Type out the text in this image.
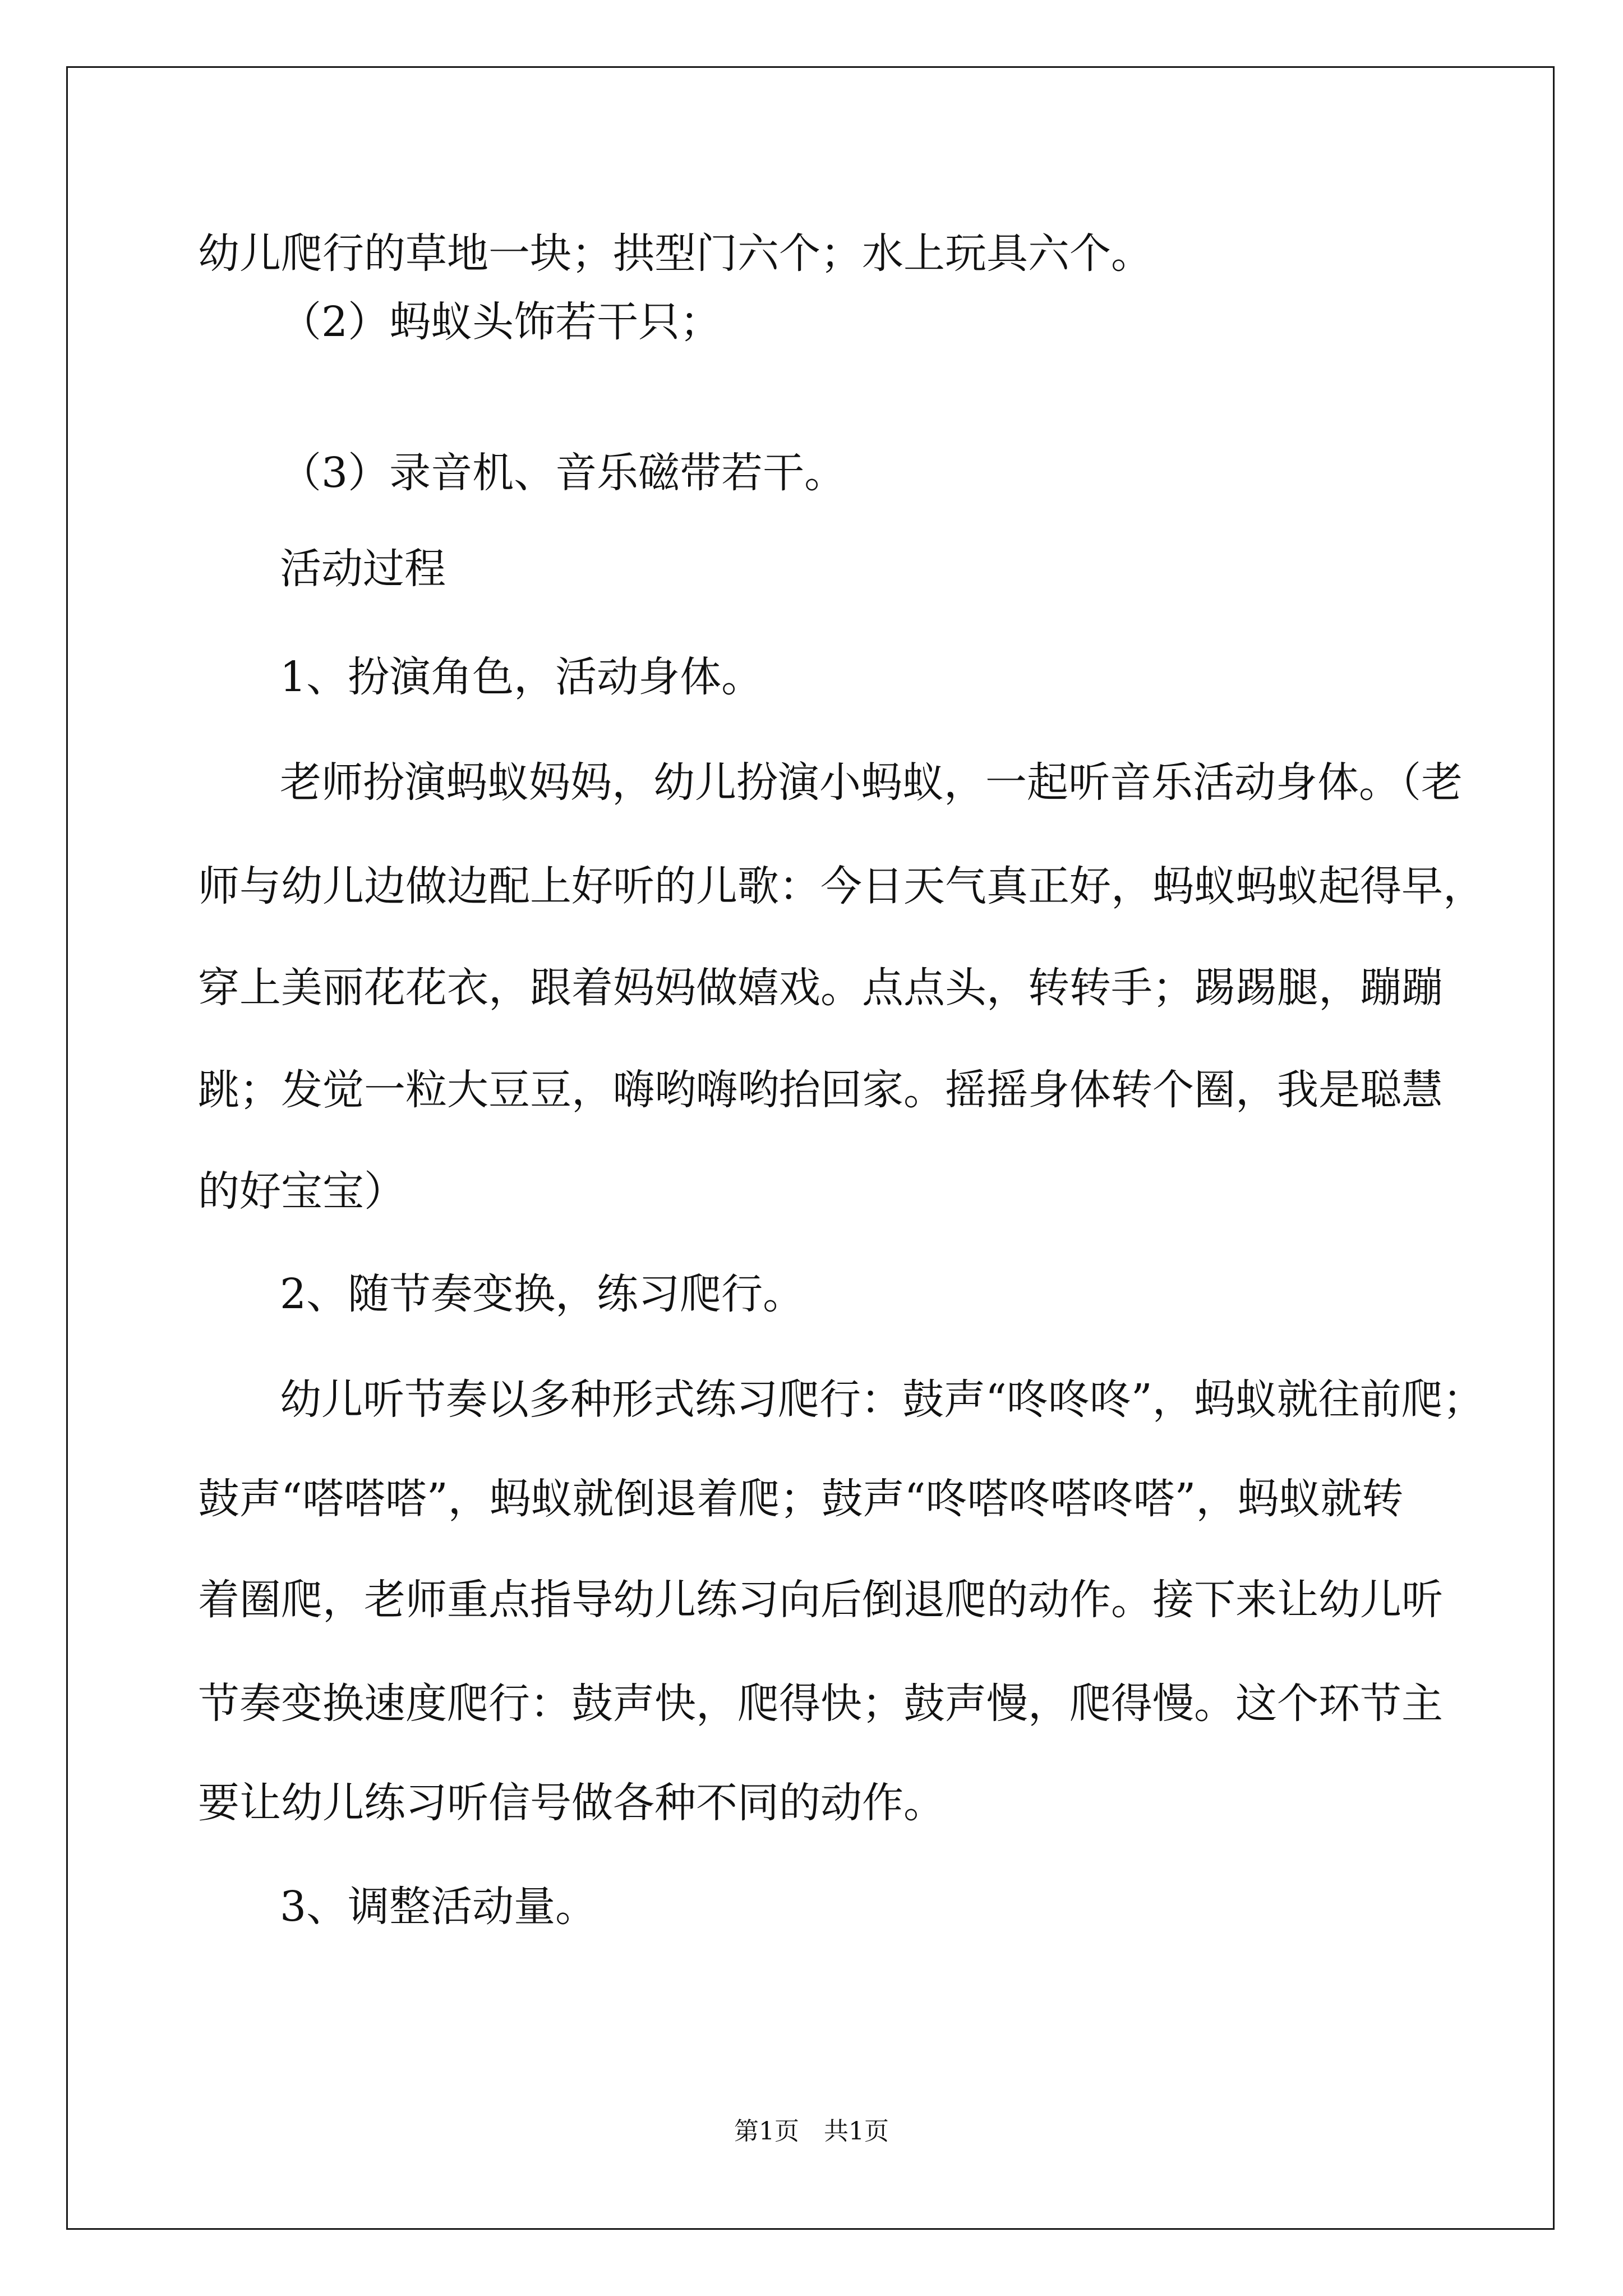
幼儿爬行的草地一块；拱型门六个；水上玩具六个。
（2）蚂蚁头饰若干只；
（3）录音机、音乐磁带若干。
活动过程
1、扮演角色，活动身体。
老师扮演蚂蚁妈妈，幼儿扮演小蚂蚁，一起听音乐活动身体。（老
师与幼儿边做边配上好听的儿歌：今日天气真正好，蚂蚁蚂蚁起得早，
穿上美丽花花衣，跟着妈妈做嬉戏。点点头，转转手；踢踢腿，蹦蹦
跳；发觉一粒大豆豆，嗨哟嗨哟抬回家。摇摇身体转个圈，我是聪慧
的好宝宝）
2、随节奏变换，练习爬行。
幼儿听节奏以多种形式练习爬行：鼓声“咚咚咚”，蚂蚁就往前爬；
鼓声“嗒嗒嗒”，蚂蚁就倒退着爬；鼓声“咚嗒咚嗒咚嗒”，蚂蚁就转
着圈爬，老师重点指导幼儿练习向后倒退爬的动作。接下来让幼儿听
节奏变换速度爬行：鼓声快，爬得快；鼓声慢，爬得慢。这个环节主
要让幼儿练习听信号做各种不同的动作。
3、调整活动量。
第1页　共1页
